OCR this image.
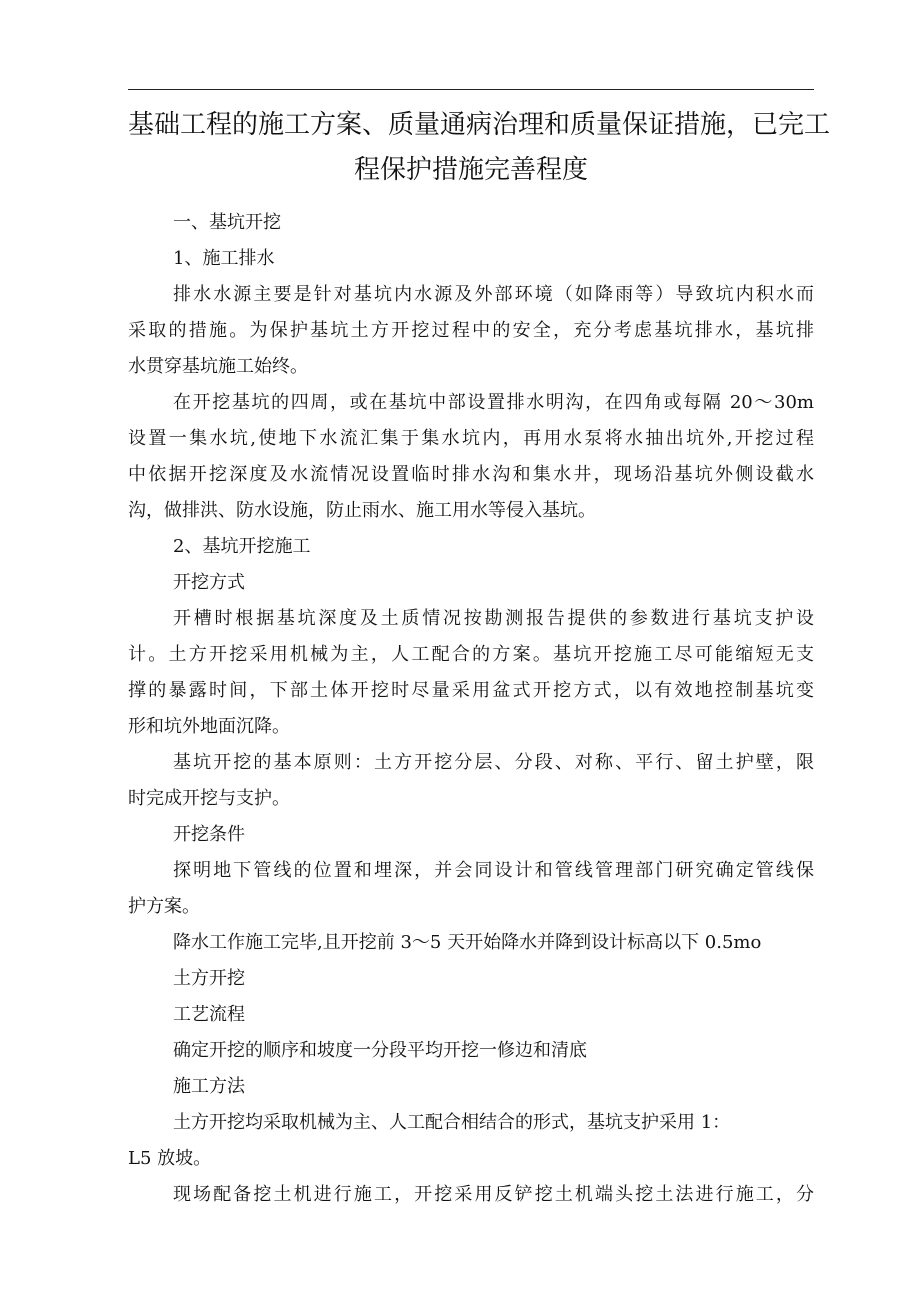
基础工程的施工方案、质量通病治理和质量保证措施，已完工
程保护措施完善程度
一、基坑开挖
1、施工排水
排水水源主要是针对基坑内水源及外部环境（如降雨等）导致坑内积水而
采取的措施。为保护基坑土方开挖过程中的安全，充分考虑基坑排水，基坑排
水贯穿基坑施工始终。
在开挖基坑的四周，或在基坑中部设置排水明沟，在四角或每隔 20～30m
设置一集水坑,使地下水流汇集于集水坑内，再用水泵将水抽出坑外,开挖过程
中依据开挖深度及水流情况设置临时排水沟和集水井，现场沿基坑外侧设截水
沟，做排洪、防水设施，防止雨水、施工用水等侵入基坑。
2、基坑开挖施工
开挖方式
开槽时根据基坑深度及土质情况按勘测报告提供的参数进行基坑支护设
计。土方开挖采用机械为主，人工配合的方案。基坑开挖施工尽可能缩短无支
撑的暴露时间，下部土体开挖时尽量采用盆式开挖方式，以有效地控制基坑变
形和坑外地面沉降。
基坑开挖的基本原则：土方开挖分层、分段、对称、平行、留土护壁，限
时完成开挖与支护。
开挖条件
探明地下管线的位置和埋深，并会同设计和管线管理部门研究确定管线保
护方案。
降水工作施工完毕,且开挖前 3～5 天开始降水并降到设计标高以下 0.5mo
土方开挖
工艺流程
确定开挖的顺序和坡度一分段平均开挖一修边和清底
施工方法
土方开挖均采取机械为主、人工配合相结合的形式，基坑支护采用 1：
L5 放坡。
现场配备挖土机进行施工，开挖采用反铲挖土机端头挖土法进行施工，分
